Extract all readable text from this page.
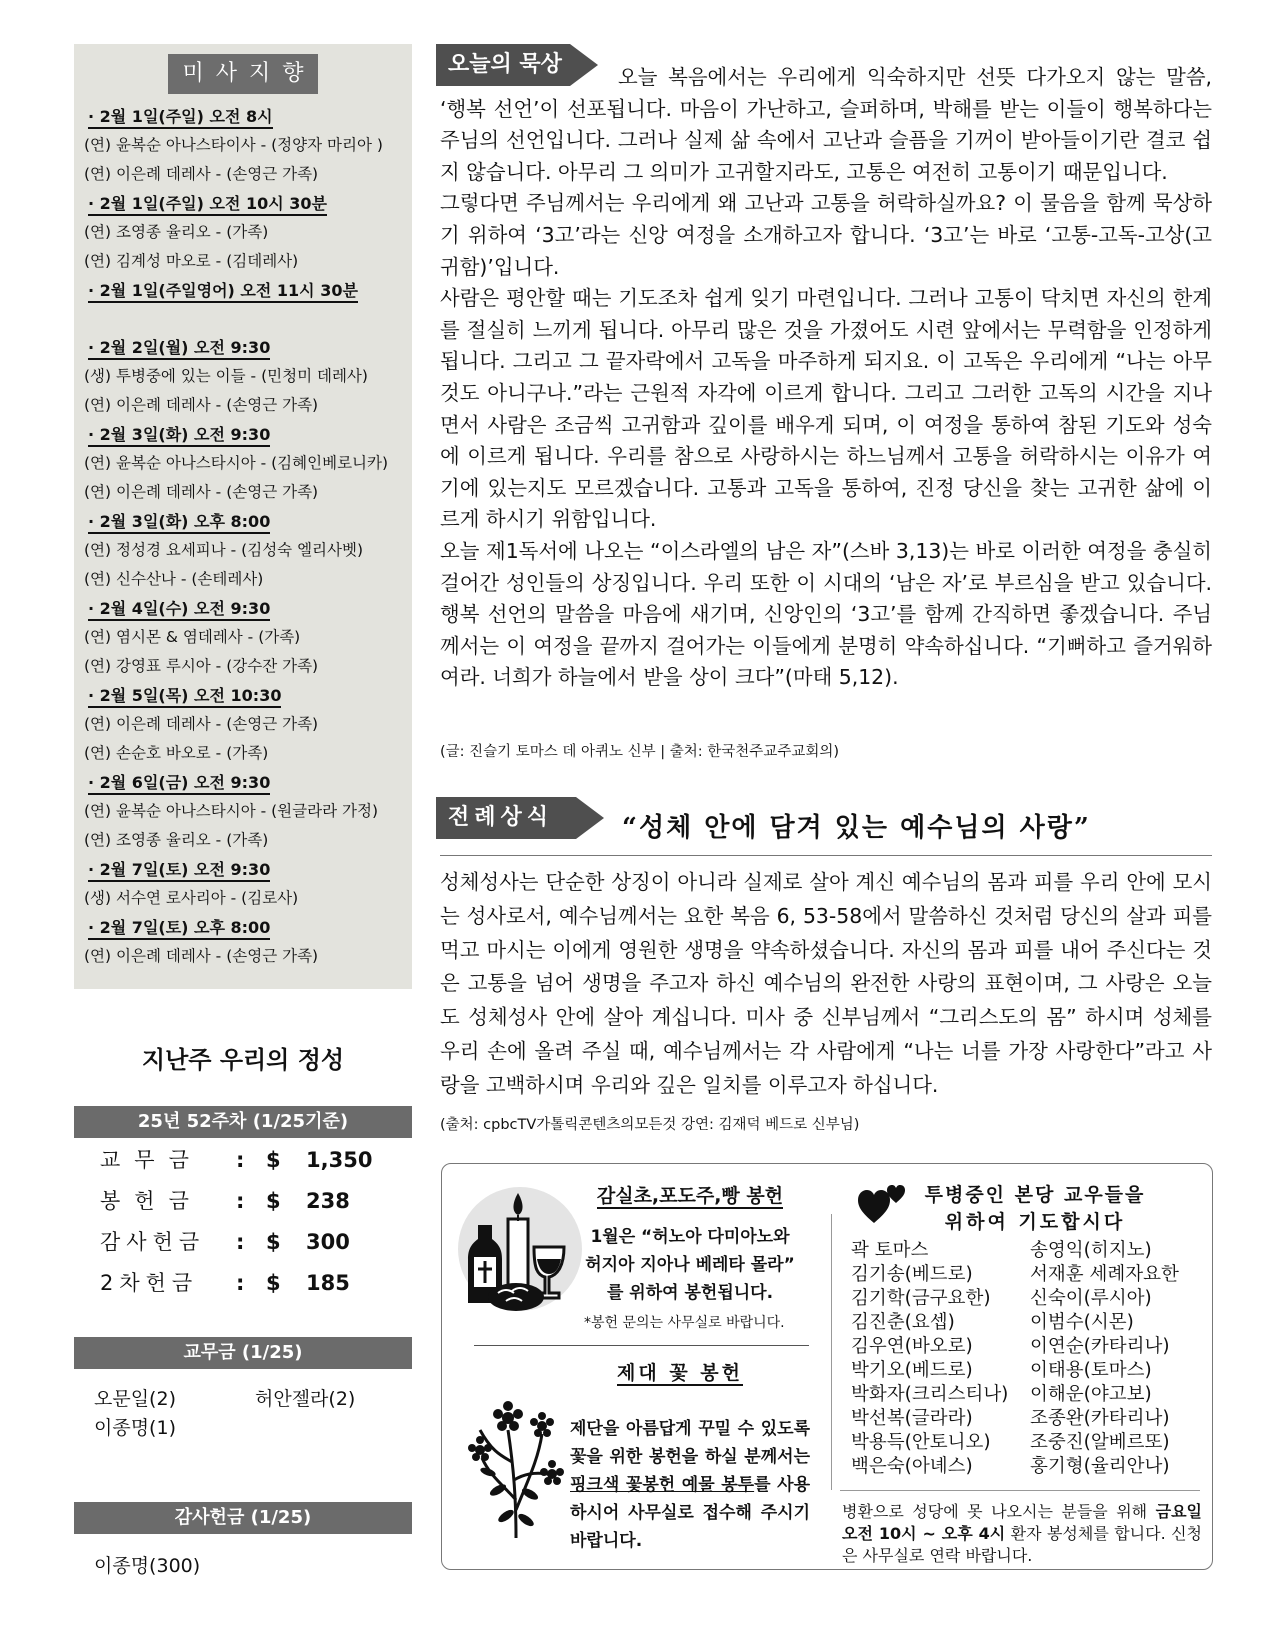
미사지향
· 2월 1일(주일) 오전 8시
(연) 윤복순 아나스타이사 - (정양자 마리아 )
(연) 이은례 데레사 - (손영근 가족)
· 2월 1일(주일) 오전 10시 30분
(연) 조영종 율리오 - (가족)
(연) 김계성 마오로 - (김데레사)
· 2월 1일(주일영어) 오전 11시 30분
· 2월 2일(월) 오전 9:30
(생) 투병중에 있는 이들 - (민청미 데레사)
(연) 이은례 데레사 - (손영근 가족)
· 2월 3일(화) 오전 9:30
(연) 윤복순 아나스타시아 - (김혜인베로니카)
(연) 이은례 데레사 - (손영근 가족)
· 2월 3일(화) 오후 8:00
(연) 정성경 요세피나 - (김성숙 엘리사벳)
(연) 신수산나 - (손테레사)
· 2월 4일(수) 오전 9:30
(연) 염시몬 & 염데레사 - (가족)
(연) 강영표 루시아 - (강수잔 가족)
· 2월 5일(목) 오전 10:30
(연) 이은례 데레사 - (손영근 가족)
(연) 손순호 바오로 - (가족)
· 2월 6일(금) 오전 9:30
(연) 윤복순 아나스타시아 - (원글라라 가정)
(연) 조영종 율리오 - (가족)
· 2월 7일(토) 오전 9:30
(생) 서수연 로사리아 - (김로사)
· 2월 7일(토) 오후 8:00
(연) 이은례 데레사 - (손영근 가족)
지난주 우리의 정성
25년 52주차 (1/25기준)
교무금 : $ 1,350
봉헌금 : $ 238
감사헌금 : $ 300
2차헌금 : $ 185
교무금 (1/25)
오문일(2)	허안젤라(2)
이종명(1)
감사헌금 (1/25)
이종명(300)
오늘의 묵상	오늘 복음에서는 우리에게 익숙하지만 선뜻 다가오지 않는 말씀, ‘행복 선언’이 선포됩니다. 마음이 가난하고, 슬퍼하며, 박해를 받는 이들이 행복하다는 주님의 선언입니다. 그러나 실제 삶 속에서 고난과 슬픔을 기꺼이 받아들이기란 결코 쉽지 않습니다. 아무리 그 의미가 고귀할지라도, 고통은 여전히 고통이기 때문입니다.

그렇다면 주님께서는 우리에게 왜 고난과 고통을 허락하실까요? 이 물음을 함께 묵상하기 위하여 ‘3고’라는 신앙 여정을 소개하고자 합니다. ‘3고’는 바로 ‘고통-고독-고상(고귀함)’입니다.

사람은 평안할 때는 기도조차 쉽게 잊기 마련입니다. 그러나 고통이 닥치면 자신의 한계를 절실히 느끼게 됩니다. 아무리 많은 것을 가졌어도 시련 앞에서는 무력함을 인정하게 됩니다. 그리고 그 끝자락에서 고독을 마주하게 되지요. 이 고독은 우리에게 “나는 아무것도 아니구나.”라는 근원적 자각에 이르게 합니다. 그리고 그러한 고독의 시간을 지나면서 사람은 조금씩 고귀함과 깊이를 배우게 되며, 이 여정을 통하여 참된 기도와 성숙에 이르게 됩니다. 우리를 참으로 사랑하시는 하느님께서 고통을 허락하시는 이유가 여기에 있는지도 모르겠습니다. 고통과 고독을 통하여, 진정 당신을 찾는 고귀한 삶에 이르게 하시기 위함입니다.

오늘 제1독서에 나오는 “이스라엘의 남은 자”(스바 3,13)는 바로 이러한 여정을 충실히 걸어간 성인들의 상징입니다. 우리 또한 이 시대의 ‘남은 자’로 부르심을 받고 있습니다. 행복 선언의 말씀을 마음에 새기며, 신앙인의 ‘3고’를 함께 간직하면 좋겠습니다. 주님께서는 이 여정을 끝까지 걸어가는 이들에게 분명히 약속하십니다. “기뻐하고 즐거워하여라. 너희가 하늘에서 받을 상이 크다”(마태 5,12).

(글: 진슬기 토마스 데 아퀴노 신부 | 출처: 한국천주교주교회의)
전례상식	“성체 안에 담겨 있는 예수님의 사랑”
성체성사는 단순한 상징이 아니라 실제로 살아 계신 예수님의 몸과 피를 우리 안에 모시는 성사로서, 예수님께서는 요한 복음 6, 53-58에서 말씀하신 것처럼 당신의 살과 피를 먹고 마시는 이에게 영원한 생명을 약속하셨습니다. 자신의 몸과 피를 내어 주신다는 것은 고통을 넘어 생명을 주고자 하신 예수님의 완전한 사랑의 표현이며, 그 사랑은 오늘도 성체성사 안에 살아 계십니다. 미사 중 신부님께서 “그리스도의 몸” 하시며 성체를 우리 손에 올려 주실 때, 예수님께서는 각 사람에게 “나는 너를 가장 사랑한다”라고 사랑을 고백하시며 우리와 깊은 일치를 이루고자 하십니다.
(출처: cpbcTV가톨릭콘텐츠의모든것 강연: 김재덕 베드로 신부님)
감실초,포도주,빵 봉헌
1월은 “허노아 다미아노와
허지아 지아나 베레타 몰라”
를 위하여 봉헌됩니다.
*봉헌 문의는 사무실로 바랍니다.
제대 꽃 봉헌
제단을 아름답게 꾸밀 수 있도록 꽃을 위한 봉헌을 하실 분께서는 핑크색 꽃봉헌 예물 봉투를 사용하시어 사무실로 접수해 주시기 바랍니다.
투병중인 본당 교우들을
위하여 기도합시다
곽 토마스
김기송(베드로)
김기학(금구요한)
김진춘(요셉)
김우연(바오로)
박기오(베드로)
박화자(크리스티나)
박선복(글라라)
박용득(안토니오)
백은숙(아녜스)
송영익(히지노)
서재훈 세례자요한
신숙이(루시아)
이범수(시몬)
이연순(카타리나)
이태용(토마스)
이해운(야고보)
조종완(카타리나)
조중진(알베르또)
홍기형(율리안나)
병환으로 성당에 못 나오시는 분들을 위해 금요일 오전 10시 ~ 오후 4시 환자 봉성체를 합니다. 신청은 사무실로 연락 바랍니다.
